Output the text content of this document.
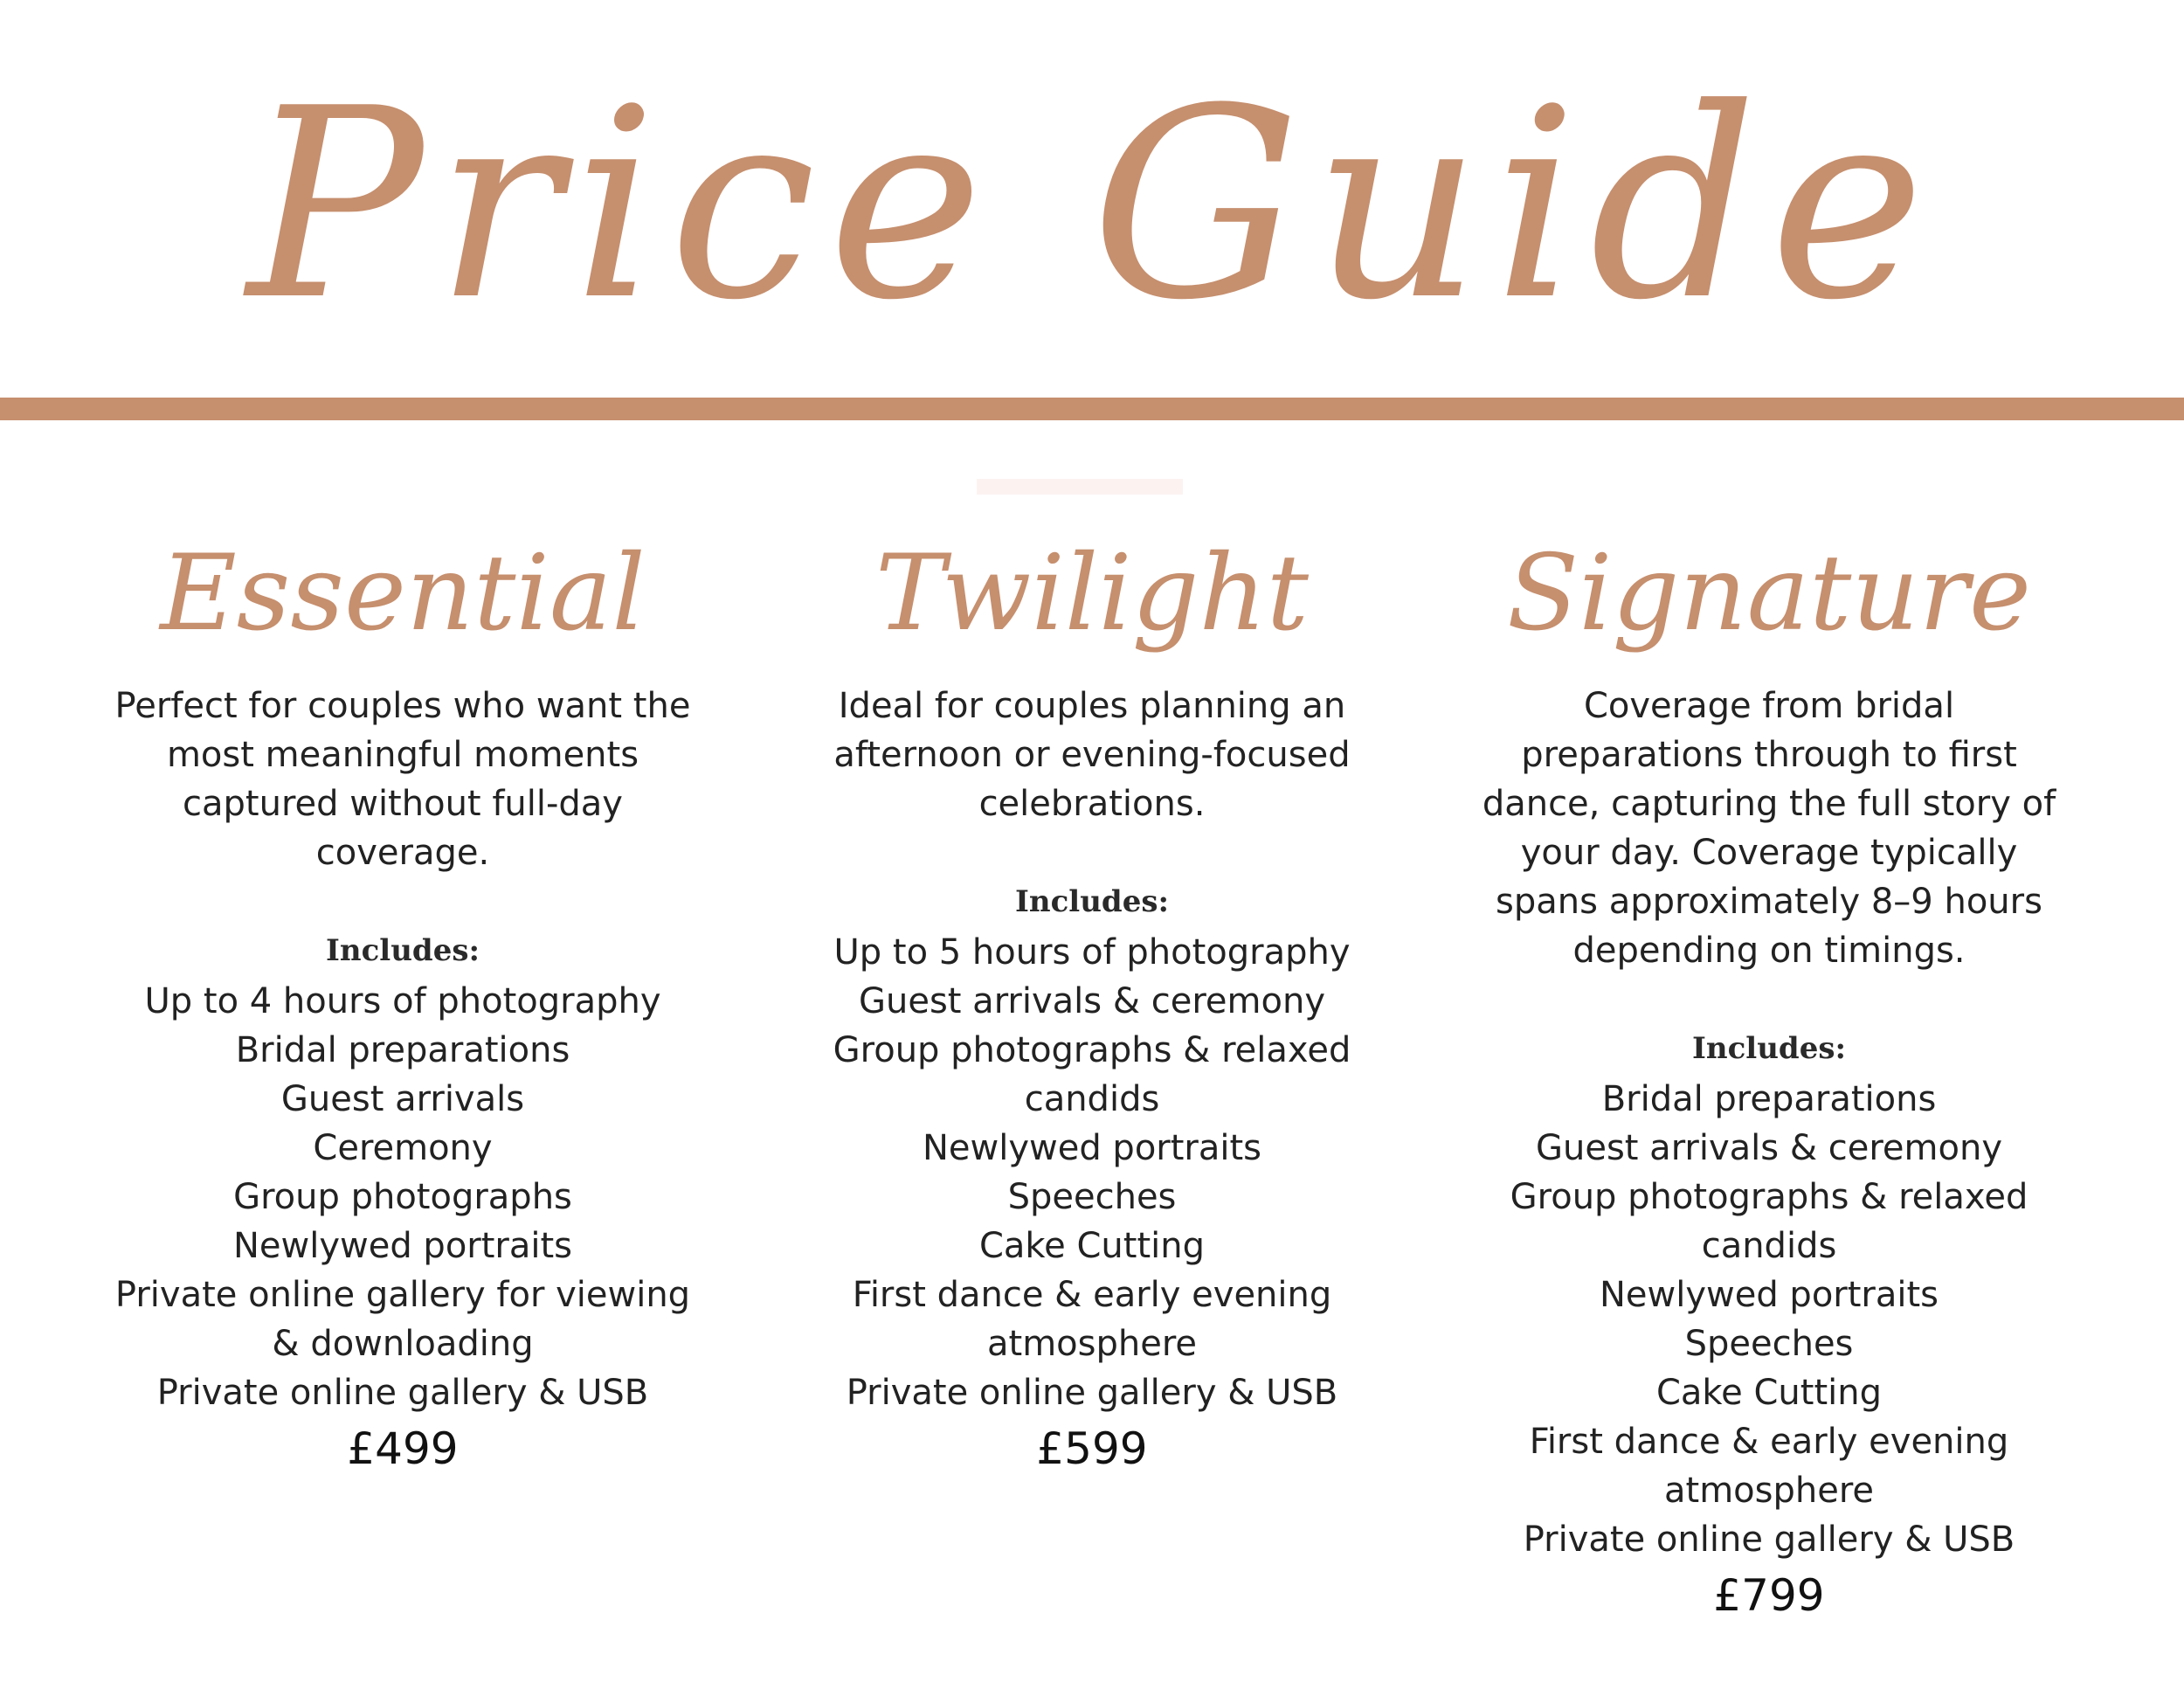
Price Guide
Essential

Perfect for couples who want the most meaningful moments captured without full-day coverage.

Includes:
Up to 4 hours of photography
Bridal preparations
Guest arrivals
Ceremony
Group photographs
Newlywed portraits
Private online gallery for viewing & downloading
Private online gallery & USB
£499
Twilight

Ideal for couples planning an afternoon or evening-focused celebrations.

Includes:
Up to 5 hours of photography
Guest arrivals & ceremony
Group photographs & relaxed candids
Newlywed portraits
Speeches
Cake Cutting
First dance & early evening atmosphere
Private online gallery & USB
£599
Signature

Coverage from bridal preparations through to first dance, capturing the full story of your day. Coverage typically spans approximately 8–9 hours depending on timings.

Includes:
Bridal preparations
Guest arrivals & ceremony
Group photographs & relaxed candids
Newlywed portraits
Speeches
Cake Cutting
First dance & early evening atmosphere
Private online gallery & USB
£799
